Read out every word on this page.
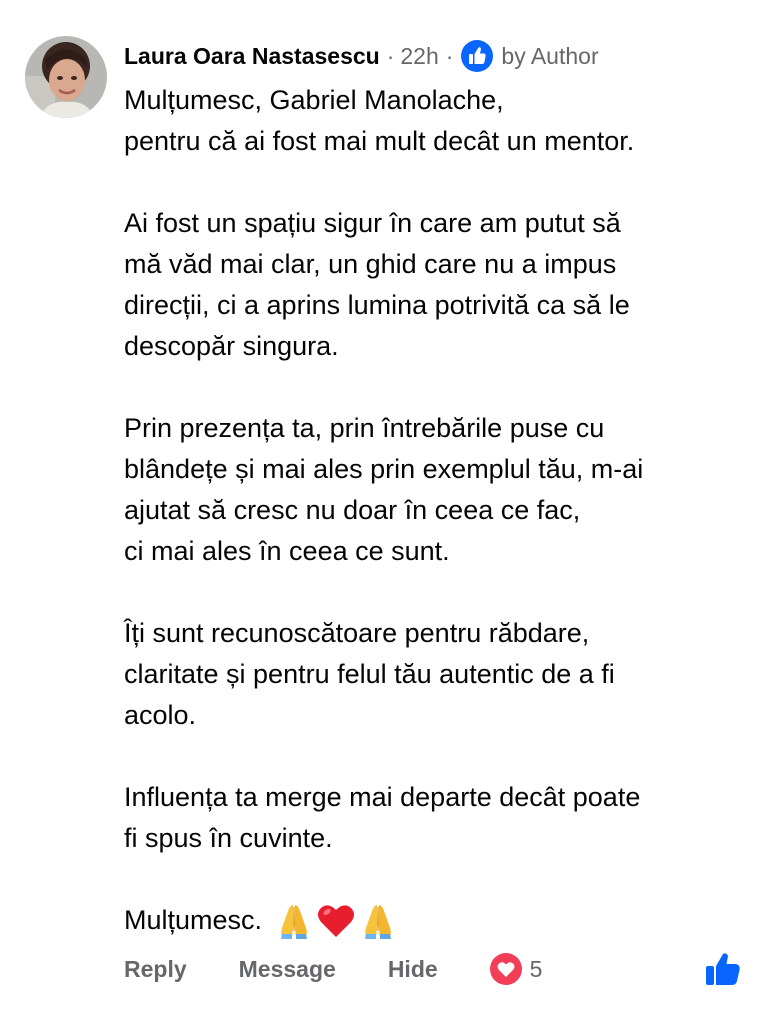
Laura Oara Nastasescu · 22h · by Author
Mulțumesc, Gabriel Manolache,
pentru că ai fost mai mult decât un mentor.
Ai fost un spațiu sigur în care am putut să
mă văd mai clar, un ghid care nu a impus
direcții, ci a aprins lumina potrivită ca să le
descopăr singura.
Prin prezența ta, prin întrebările puse cu
blândețe și mai ales prin exemplul tău, m-ai
ajutat să cresc nu doar în ceea ce fac,
ci mai ales în ceea ce sunt.
Îți sunt recunoscătoare pentru răbdare,
claritate și pentru felul tău autentic de a fi
acolo.
Influența ta merge mai departe decât poate
fi spus în cuvinte.
Mulțumesc.
Reply Message Hide	5
